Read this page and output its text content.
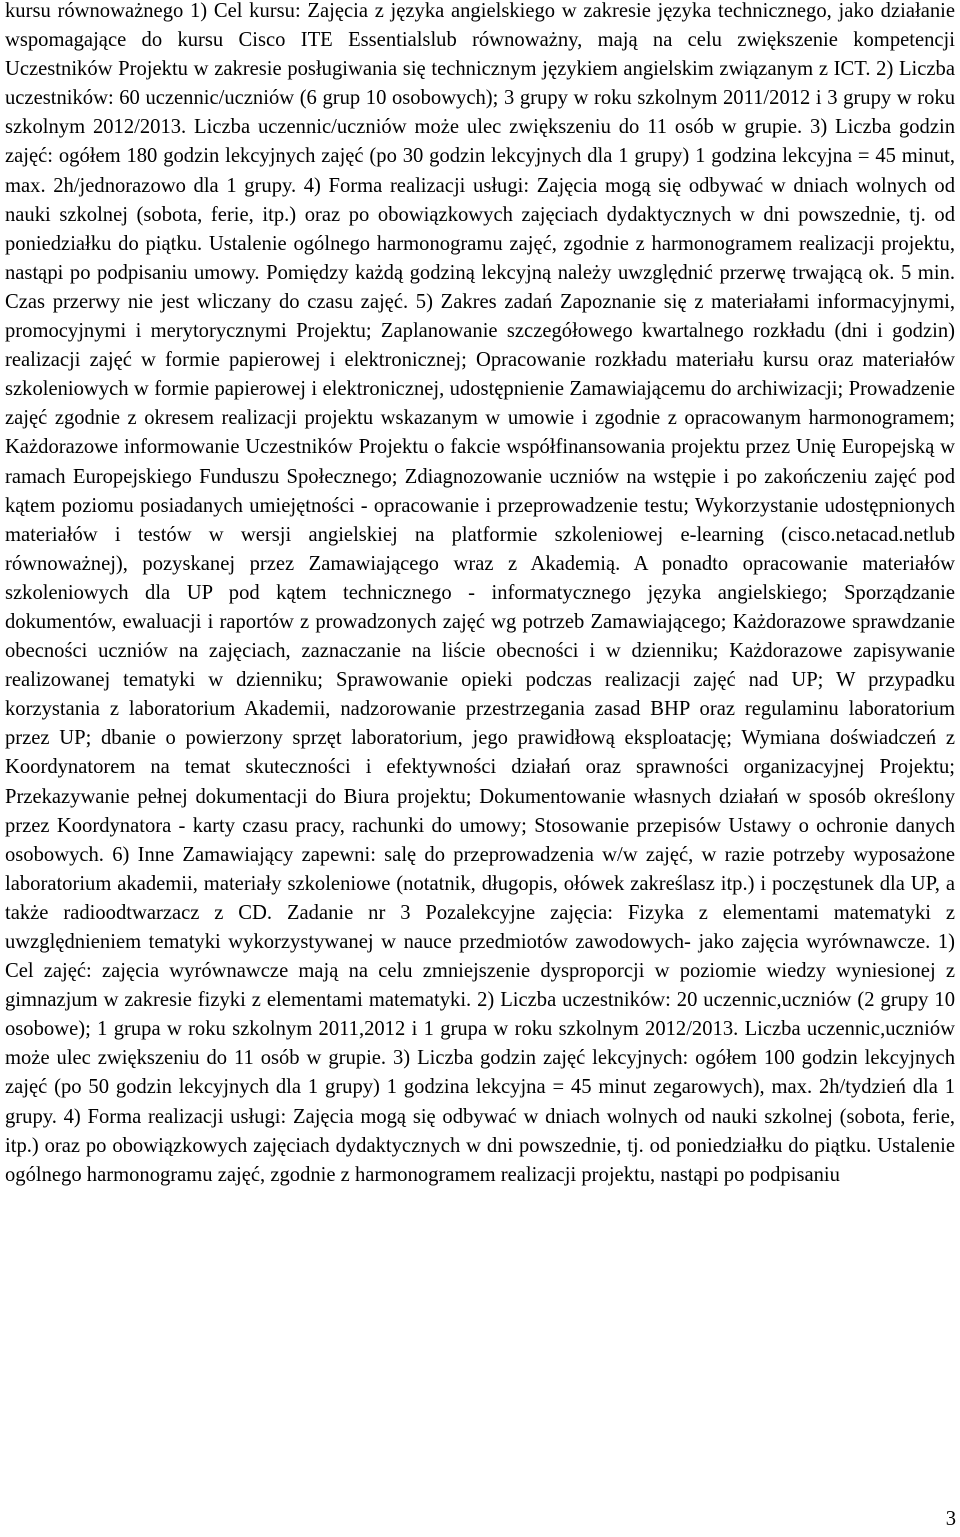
kursu równoważnego 1) Cel kursu: Zajęcia z języka angielskiego w zakresie języka technicznego, jako działanie wspomagające do kursu Cisco ITE Essentialslub równoważny, mają na celu zwiększenie kompetencji Uczestników Projektu w zakresie posługiwania się technicznym językiem angielskim związanym z ICT. 2) Liczba uczestników: 60 uczennic/uczniów (6 grup 10 osobowych); 3 grupy w roku szkolnym 2011/2012 i 3 grupy w roku szkolnym 2012/2013. Liczba uczennic/uczniów może ulec zwiększeniu do 11 osób w grupie. 3) Liczba godzin zajęć: ogółem 180 godzin lekcyjnych zajęć (po 30 godzin lekcyjnych dla 1 grupy) 1 godzina lekcyjna = 45 minut, max. 2h/jednorazowo dla 1 grupy. 4) Forma realizacji usługi: Zajęcia mogą się odbywać w dniach wolnych od nauki szkolnej (sobota, ferie, itp.) oraz po obowiązkowych zajęciach dydaktycznych w dni powszednie, tj. od poniedziałku do piątku. Ustalenie ogólnego harmonogramu zajęć, zgodnie z harmonogramem realizacji projektu, nastąpi po podpisaniu umowy. Pomiędzy każdą godziną lekcyjną należy uwzględnić przerwę trwającą ok. 5 min. Czas przerwy nie jest wliczany do czasu zajęć. 5) Zakres zadań Zapoznanie się z materiałami informacyjnymi, promocyjnymi i merytorycznymi Projektu; Zaplanowanie szczegółowego kwartalnego rozkładu (dni i godzin) realizacji zajęć w formie papierowej i elektronicznej; Opracowanie rozkładu materiału kursu oraz materiałów szkoleniowych w formie papierowej i elektronicznej, udostępnienie Zamawiającemu do archiwizacji; Prowadzenie zajęć zgodnie z okresem realizacji projektu wskazanym w umowie i zgodnie z opracowanym harmonogramem; Każdorazowe informowanie Uczestników Projektu o fakcie współfinansowania projektu przez Unię Europejską w ramach Europejskiego Funduszu Społecznego; Zdiagnozowanie uczniów na wstępie i po zakończeniu zajęć pod kątem poziomu posiadanych umiejętności - opracowanie i przeprowadzenie testu; Wykorzystanie udostępnionych materiałów i testów w wersji angielskiej na platformie szkoleniowej e-learning (cisco.netacad.netlub równoważnej), pozyskanej przez Zamawiającego wraz z Akademią. A ponadto opracowanie materiałów szkoleniowych dla UP pod kątem technicznego - informatycznego języka angielskiego; Sporządzanie dokumentów, ewaluacji i raportów z prowadzonych zajęć wg potrzeb Zamawiającego; Każdorazowe sprawdzanie obecności uczniów na zajęciach, zaznaczanie na liście obecności i w dzienniku; Każdorazowe zapisywanie realizowanej tematyki w dzienniku; Sprawowanie opieki podczas realizacji zajęć nad UP; W przypadku korzystania z laboratorium Akademii, nadzorowanie przestrzegania zasad BHP oraz regulaminu laboratorium przez UP; dbanie o powierzony sprzęt laboratorium, jego prawidłową eksploatację; Wymiana doświadczeń z Koordynatorem na temat skuteczności i efektywności działań oraz sprawności organizacyjnej Projektu; Przekazywanie pełnej dokumentacji do Biura projektu; Dokumentowanie własnych działań w sposób określony przez Koordynatora - karty czasu pracy, rachunki do umowy; Stosowanie przepisów Ustawy o ochronie danych osobowych. 6) Inne Zamawiający zapewni: salę do przeprowadzenia w/w zajęć, w razie potrzeby wyposażone laboratorium akademii, materiały szkoleniowe (notatnik, długopis, ołówek zakreślasz itp.) i poczęstunek dla UP, a także radioodtwarzacz z CD. Zadanie nr 3 Pozalekcyjne zajęcia: Fizyka z elementami matematyki z uwzględnieniem tematyki wykorzystywanej w nauce przedmiotów zawodowych- jako zajęcia wyrównawcze. 1) Cel zajęć: zajęcia wyrównawcze mają na celu zmniejszenie dysproporcji w poziomie wiedzy wyniesionej z gimnazjum w zakresie fizyki z elementami matematyki. 2) Liczba uczestników: 20 uczennic,uczniów (2 grupy 10 osobowe); 1 grupa w roku szkolnym 2011,2012 i 1 grupa w roku szkolnym 2012/2013. Liczba uczennic,uczniów może ulec zwiększeniu do 11 osób w grupie. 3) Liczba godzin zajęć lekcyjnych: ogółem 100 godzin lekcyjnych zajęć (po 50 godzin lekcyjnych dla 1 grupy) 1 godzina lekcyjna = 45 minut zegarowych), max. 2h/tydzień dla 1 grupy. 4) Forma realizacji usługi: Zajęcia mogą się odbywać w dniach wolnych od nauki szkolnej (sobota, ferie, itp.) oraz po obowiązkowych zajęciach dydaktycznych w dni powszednie, tj. od poniedziałku do piątku. Ustalenie ogólnego harmonogramu zajęć, zgodnie z harmonogramem realizacji projektu, nastąpi po podpisaniu

3
